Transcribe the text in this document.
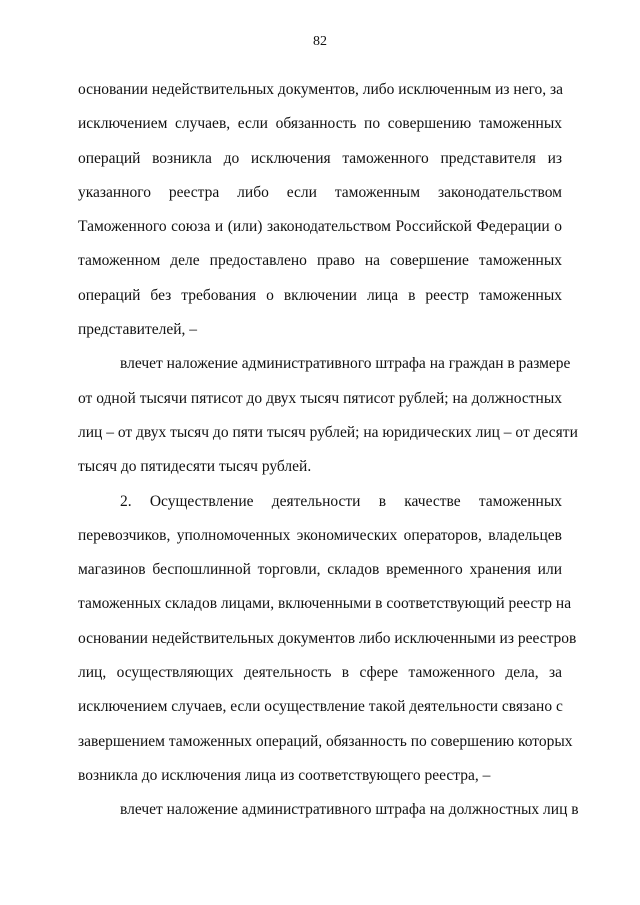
82
основании недействительных документов, либо исключенным из него, за
исключением случаев, если обязанность по совершению таможенных
операций возникла до исключения таможенного представителя из
указанного реестра либо если таможенным законодательством
Таможенного союза и (или) законодательством Российской Федерации о
таможенном деле предоставлено право на совершение таможенных
операций без требования о включении лица в реестр таможенных
представителей, –
влечет наложение административного штрафа на граждан в размере
от одной тысячи пятисот до двух тысяч пятисот рублей; на должностных
лиц – от двух тысяч до пяти тысяч рублей; на юридических лиц – от десяти
тысяч до пятидесяти тысяч рублей.
2. Осуществление деятельности в качестве таможенных
перевозчиков, уполномоченных экономических операторов, владельцев
магазинов беспошлинной торговли, складов временного хранения или
таможенных складов лицами, включенными в соответствующий реестр на
основании недействительных документов либо исключенными из реестров
лиц, осуществляющих деятельность в сфере таможенного дела, за
исключением случаев, если осуществление такой деятельности связано с
завершением таможенных операций, обязанность по совершению которых
возникла до исключения лица из соответствующего реестра, –
влечет наложение административного штрафа на должностных лиц в
